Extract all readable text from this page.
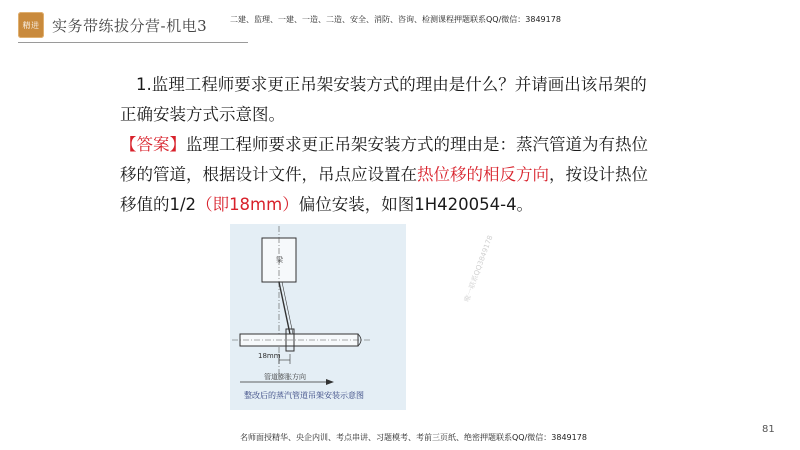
精进 实务带练拔分营-机电3	二建、监理、一建、一造、二造、安全、消防、咨询、检测课程押题联系QQ/微信：3849178

1.监理工程师要求更正吊架安装方式的理由是什么？并请画出该吊架的正确安装方式示意图。

【答案】监理工程师要求更正吊架安装方式的理由是：蒸汽管道为有热位移的管道，根据设计文件，吊点应设置在热位移的相反方向，按设计热位移值的1/2（即18mm）偏位安装，如图1H420054-4。

梁
18mm
管道膨胀方向
整改后的蒸汽管道吊架安装示意图
唯一联系QQ3849178
名师面授精华、央企内训、考点串讲、习题模考、考前三页纸、绝密押题联系QQ/微信：3849178
81
